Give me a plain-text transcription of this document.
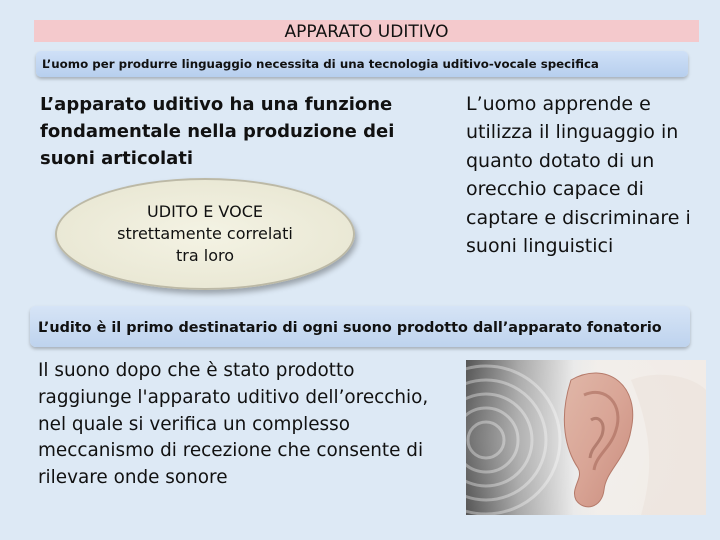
APPARATO UDITIVO
L’uomo per produrre linguaggio necessita di una tecnologia uditivo-vocale specifica
L’apparato uditivo ha una funzione fondamentale nella produzione dei suoni articolati
UDITO E VOCE
strettamente correlati
tra loro
L’uomo apprende e utilizza il linguaggio in quanto dotato di un orecchio capace di captare e discriminare i suoni linguistici
L’udito è il primo destinatario di ogni suono prodotto dall’apparato fonatorio
Il suono dopo che è stato prodotto raggiunge l'apparato uditivo dell’orecchio, nel quale si verifica un complesso meccanismo di recezione che consente di rilevare onde sonore
